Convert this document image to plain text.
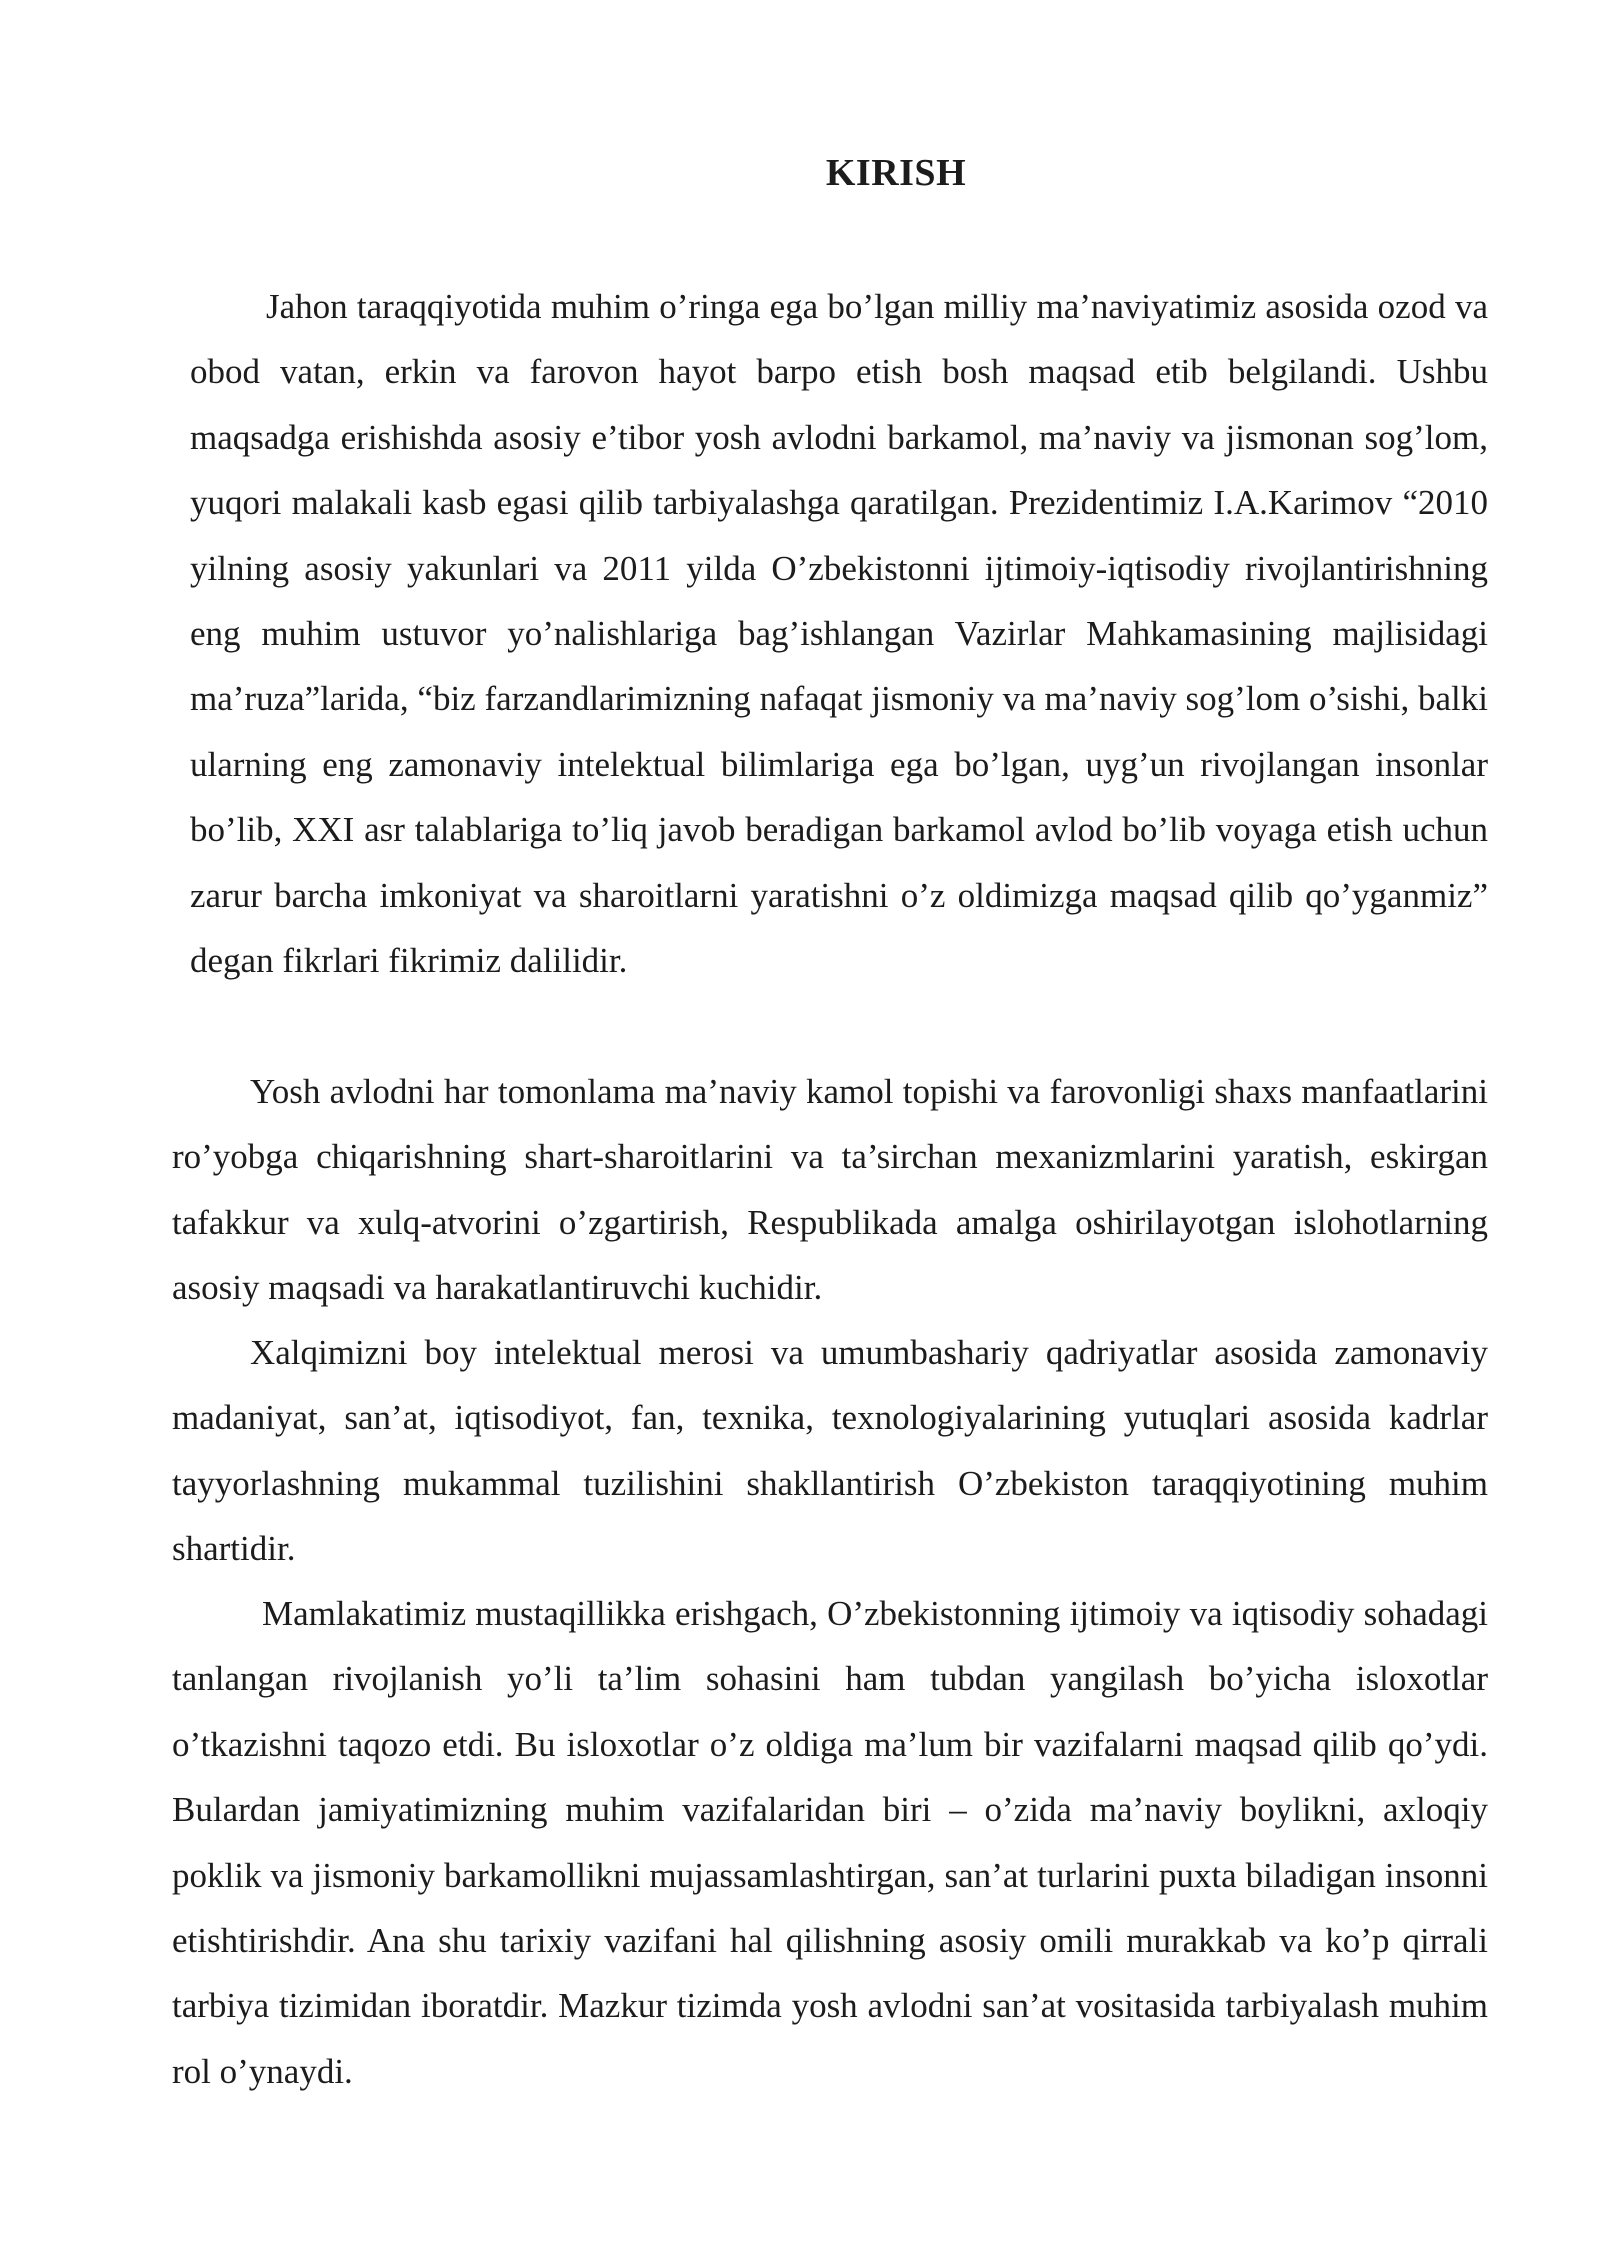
KIRISH

Jahon taraqqiyotida muhim o’ringa ega bo’lgan milliy ma’naviyatimiz asosida ozod va obod vatan, erkin va farovon hayot barpo etish bosh maqsad etib belgilandi. Ushbu maqsadga erishishda asosiy e’tibor yosh avlodni barkamol, ma’naviy va jismonan sog’lom, yuqori malakali kasb egasi qilib tarbiyalashga qaratilgan. Prezidentimiz I.A.Karimov “2010 yilning asosiy yakunlari va 2011 yilda O’zbekistonni ijtimoiy-iqtisodiy rivojlantirishning eng muhim ustuvor yo’nalishlariga bag’ishlangan Vazirlar Mahkamasining majlisidagi ma’ruza”larida, “biz farzandlarimizning nafaqat jismoniy va ma’naviy sog’lom o’sishi, balki ularning eng zamonaviy intelektual bilimlariga ega bo’lgan, uyg’un rivojlangan insonlar bo’lib, XXI asr talablariga to’liq javob beradigan barkamol avlod bo’lib voyaga etish uchun zarur barcha imkoniyat va sharoitlarni yaratishni o’z oldimizga maqsad qilib qo’yganmiz” degan fikrlari fikrimiz dalilidir.

Yosh avlodni har tomonlama ma’naviy kamol topishi va farovonligi shaxs manfaatlarini ro’yobga chiqarishning shart-sharoitlarini va ta’sirchan mexanizmlarini yaratish, eskirgan tafakkur va xulq-atvorini o’zgartirish, Respublikada amalga oshirilayotgan islohotlarning asosiy maqsadi va harakatlantiruvchi kuchidir.

Xalqimizni boy intelektual merosi va umumbashariy qadriyatlar asosida zamonaviy madaniyat, san’at, iqtisodiyot, fan, texnika, texnologiyalarining yutuqlari asosida kadrlar tayyorlashning mukammal tuzilishini shakllantirish O’zbekiston taraqqiyotining muhim shartidir.

Mamlakatimiz mustaqillikka erishgach, O’zbekistonning ijtimoiy va iqtisodiy sohadagi tanlangan rivojlanish yo’li ta’lim sohasini ham tubdan yangilash bo’yicha isloxotlar o’tkazishni taqozo etdi. Bu isloxotlar o’z oldiga ma’lum bir vazifalarni maqsad qilib qo’ydi. Bulardan jamiyatimizning muhim vazifalaridan biri – o’zida ma’naviy boylikni, axloqiy poklik va jismoniy barkamollikni mujassamlashtirgan, san’at turlarini puxta biladigan insonni etishtirishdir. Ana shu tarixiy vazifani hal qilishning asosiy omili murakkab va ko’p qirrali tarbiya tizimidan iboratdir. Mazkur tizimda yosh avlodni san’at vositasida tarbiyalash muhim rol o’ynaydi.
